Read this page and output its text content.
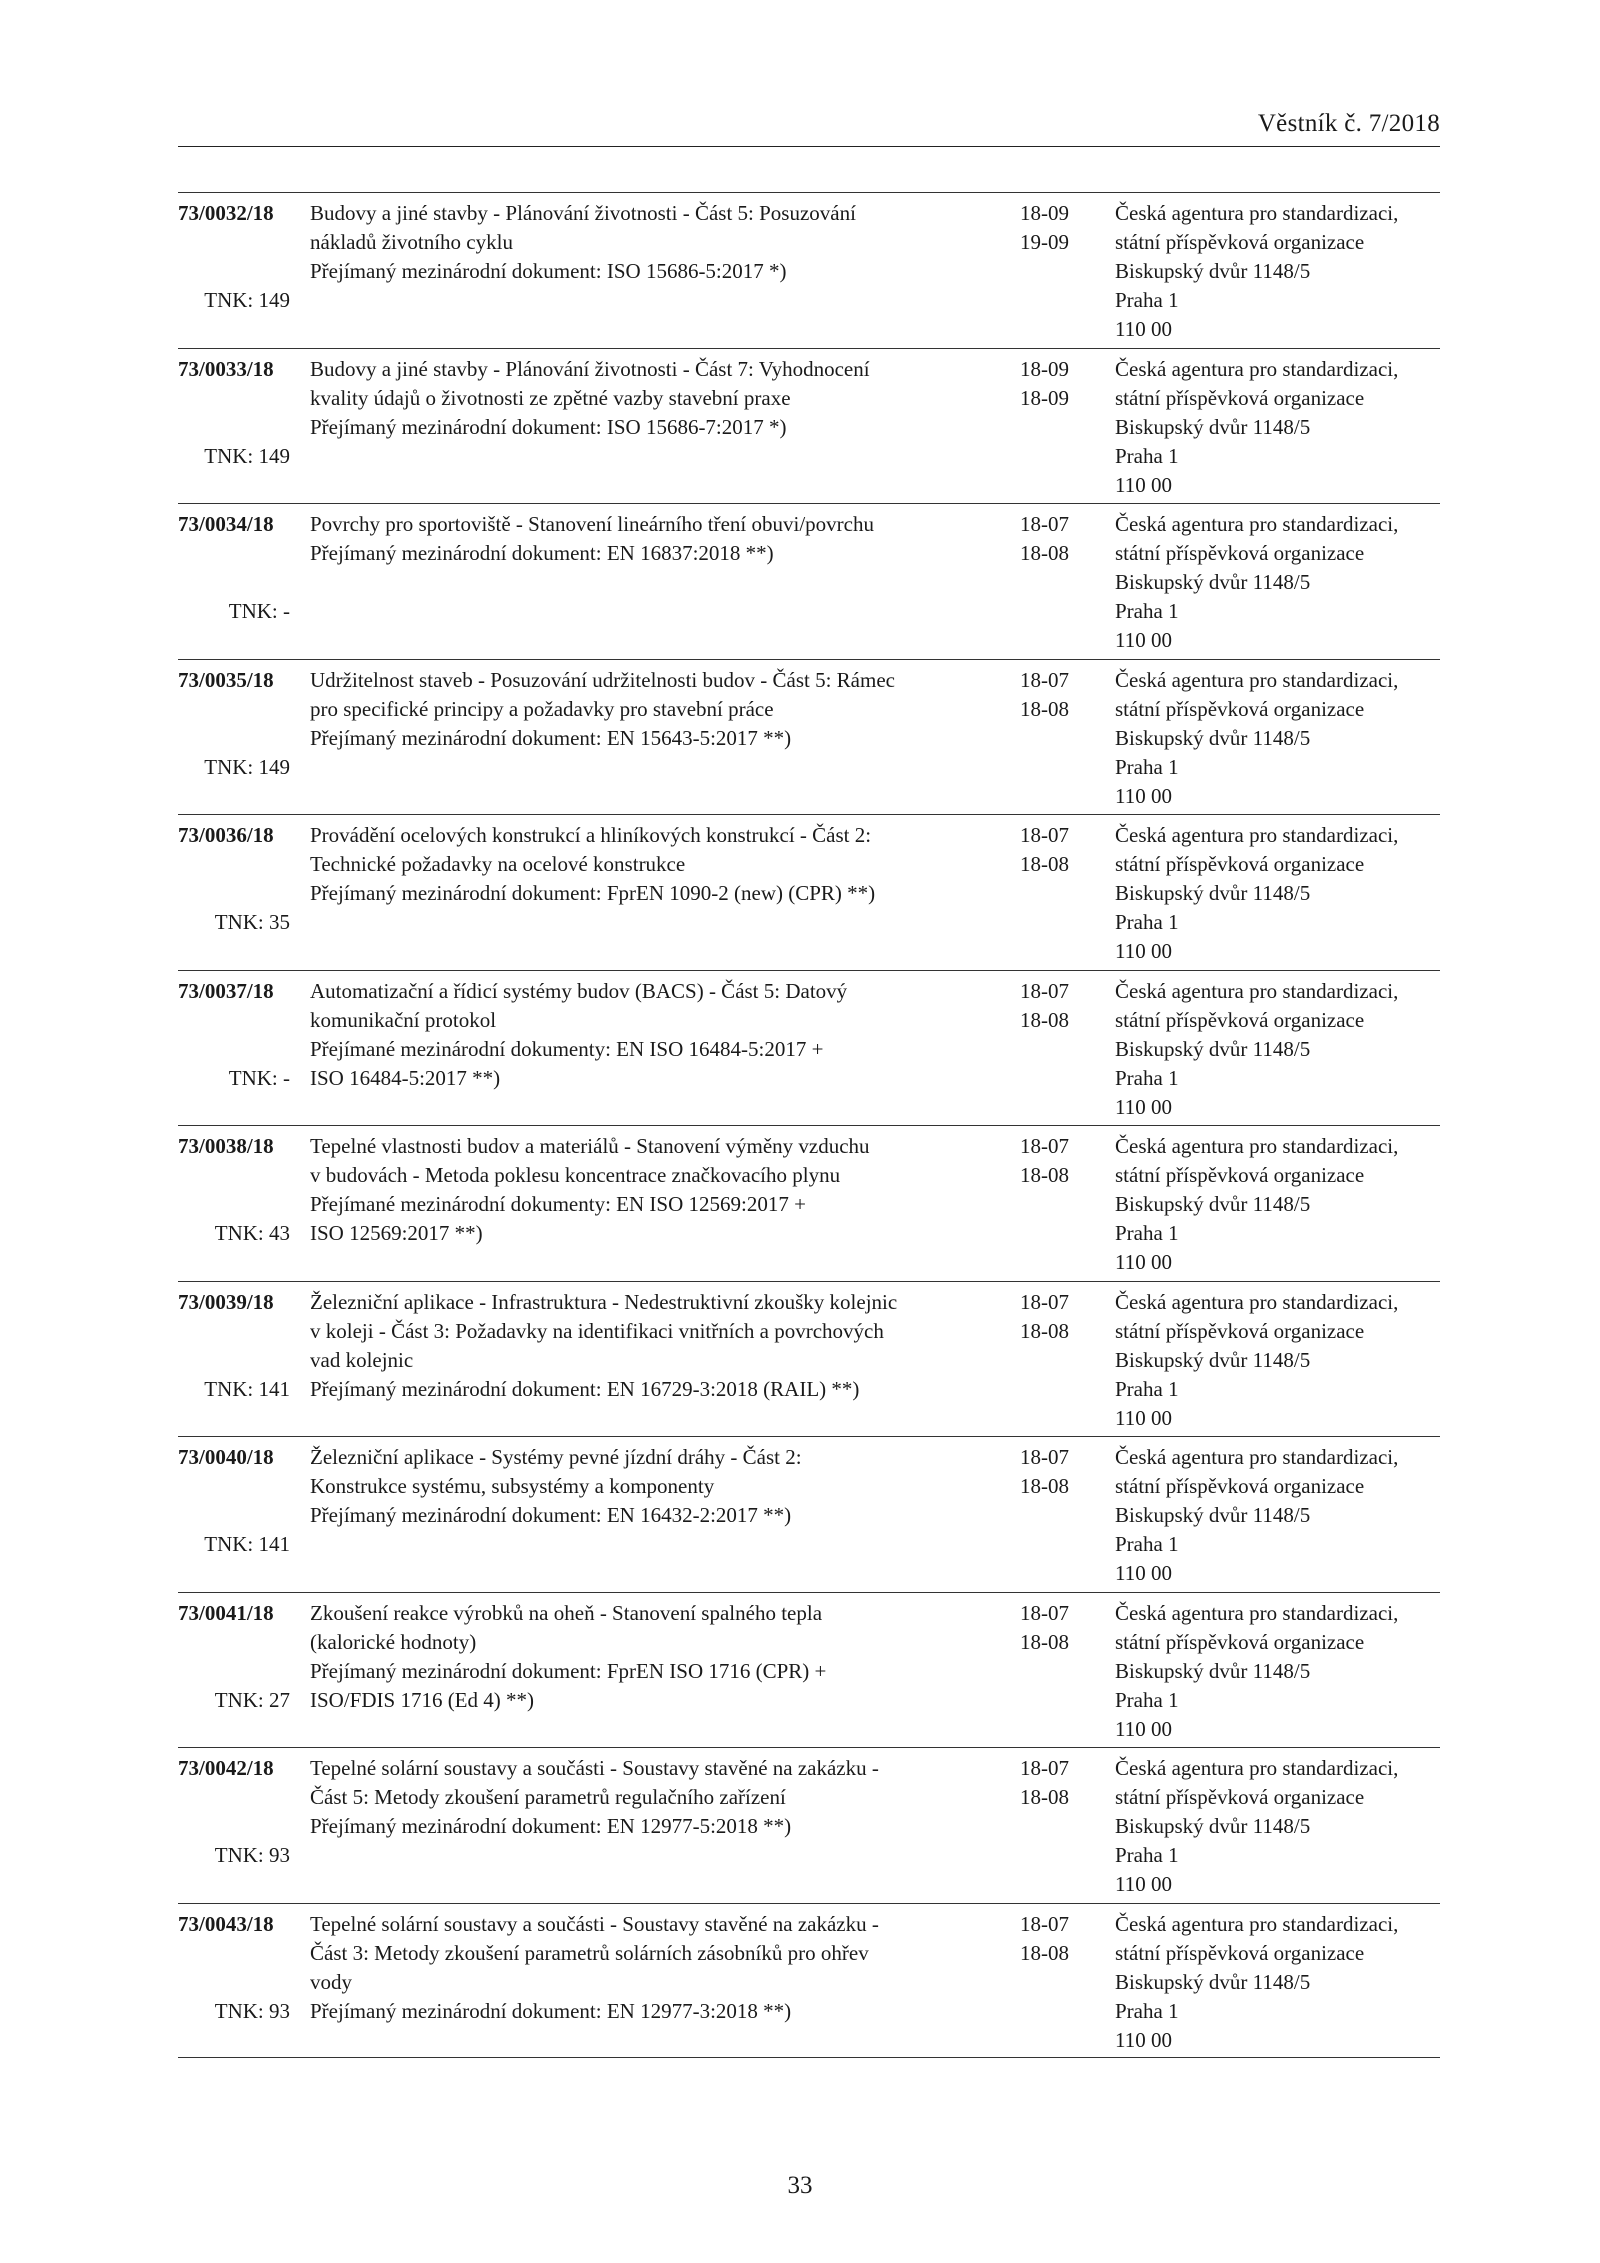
Věstník č. 7/2018
73/0032/18
TNK: 149
Budovy a jiné stavby - Plánování životnosti - Část 5: Posuzování
nákladů životního cyklu
Přejímaný mezinárodní dokument: ISO 15686-5:2017 *)

18-09
19-09
Česká agentura pro standardizaci,
státní příspěvková organizace
Biskupský dvůr 1148/5
Praha 1
110 00
73/0033/18
TNK: 149
Budovy a jiné stavby - Plánování životnosti - Část 7: Vyhodnocení
kvality údajů o životnosti ze zpětné vazby stavební praxe
Přejímaný mezinárodní dokument: ISO 15686-7:2017 *)

18-09
18-09
Česká agentura pro standardizaci,
státní příspěvková organizace
Biskupský dvůr 1148/5
Praha 1
110 00
73/0034/18
TNK: -
Povrchy pro sportoviště - Stanovení lineárního tření obuvi/povrchu
Přejímaný mezinárodní dokument: EN 16837:2018 **)

18-07
18-08
Česká agentura pro standardizaci,
státní příspěvková organizace
Biskupský dvůr 1148/5
Praha 1
110 00
73/0035/18
TNK: 149
Udržitelnost staveb - Posuzování udržitelnosti budov - Část 5: Rámec
pro specifické principy a požadavky pro stavební práce
Přejímaný mezinárodní dokument: EN 15643-5:2017 **)

18-07
18-08
Česká agentura pro standardizaci,
státní příspěvková organizace
Biskupský dvůr 1148/5
Praha 1
110 00
73/0036/18
TNK: 35
Provádění ocelových konstrukcí a hliníkových konstrukcí - Část 2:
Technické požadavky na ocelové konstrukce
Přejímaný mezinárodní dokument: FprEN 1090-2 (new) (CPR) **)

18-07
18-08
Česká agentura pro standardizaci,
státní příspěvková organizace
Biskupský dvůr 1148/5
Praha 1
110 00
73/0037/18
TNK: -
Automatizační a řídicí systémy budov (BACS) - Část 5: Datový
komunikační protokol
Přejímané mezinárodní dokumenty: EN ISO 16484-5:2017 +
ISO 16484-5:2017 **)
18-07
18-08
Česká agentura pro standardizaci,
státní příspěvková organizace
Biskupský dvůr 1148/5
Praha 1
110 00
73/0038/18
TNK: 43
Tepelné vlastnosti budov a materiálů - Stanovení výměny vzduchu
v budovách - Metoda poklesu koncentrace značkovacího plynu
Přejímané mezinárodní dokumenty: EN ISO 12569:2017 +
ISO 12569:2017 **)
18-07
18-08
Česká agentura pro standardizaci,
státní příspěvková organizace
Biskupský dvůr 1148/5
Praha 1
110 00
73/0039/18
TNK: 141
Železniční aplikace - Infrastruktura - Nedestruktivní zkoušky kolejnic
v koleji - Část 3: Požadavky na identifikaci vnitřních a povrchových
vad kolejnic
Přejímaný mezinárodní dokument: EN 16729-3:2018 (RAIL) **)
18-07
18-08
Česká agentura pro standardizaci,
státní příspěvková organizace
Biskupský dvůr 1148/5
Praha 1
110 00
73/0040/18
TNK: 141
Železniční aplikace - Systémy pevné jízdní dráhy - Část 2:
Konstrukce systému, subsystémy a komponenty
Přejímaný mezinárodní dokument: EN 16432-2:2017 **)

18-07
18-08
Česká agentura pro standardizaci,
státní příspěvková organizace
Biskupský dvůr 1148/5
Praha 1
110 00
73/0041/18
TNK: 27
Zkoušení reakce výrobků na oheň - Stanovení spalného tepla
(kalorické hodnoty)
Přejímaný mezinárodní dokument: FprEN ISO 1716 (CPR) +
ISO/FDIS 1716 (Ed 4) **)
18-07
18-08
Česká agentura pro standardizaci,
státní příspěvková organizace
Biskupský dvůr 1148/5
Praha 1
110 00
73/0042/18
TNK: 93
Tepelné solární soustavy a součásti - Soustavy stavěné na zakázku -
Část 5: Metody zkoušení parametrů regulačního zařízení
Přejímaný mezinárodní dokument: EN 12977-5:2018 **)

18-07
18-08
Česká agentura pro standardizaci,
státní příspěvková organizace
Biskupský dvůr 1148/5
Praha 1
110 00
73/0043/18
TNK: 93
Tepelné solární soustavy a součásti - Soustavy stavěné na zakázku -
Část 3: Metody zkoušení parametrů solárních zásobníků pro ohřev
vody
Přejímaný mezinárodní dokument: EN 12977-3:2018 **)
18-07
18-08
Česká agentura pro standardizaci,
státní příspěvková organizace
Biskupský dvůr 1148/5
Praha 1
110 00
33
